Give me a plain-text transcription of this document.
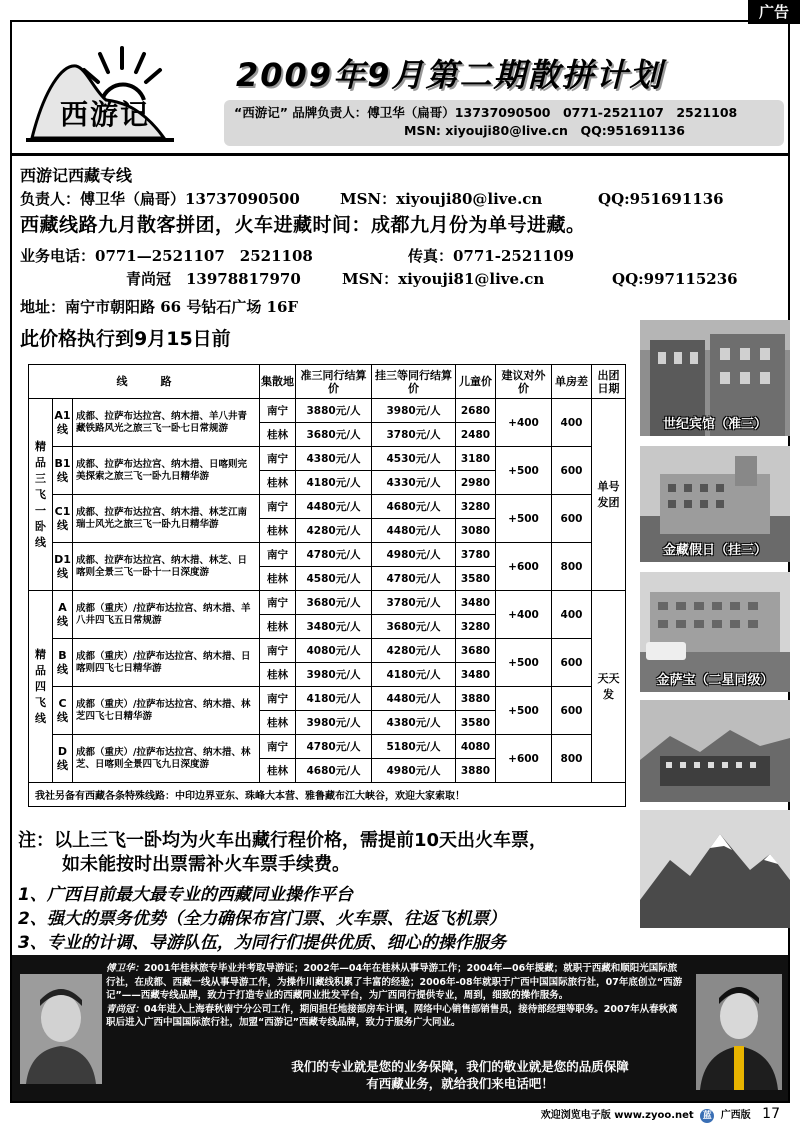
广告
西游记
2009年9月第二期散拼计划
“西游记” 品牌负责人：傅卫华（扁哥）13737090500　0771-2521107　2521108
MSN: xiyouji80@live.cn　QQ:951691136
西游记西藏专线
负责人：傅卫华（扁哥）13737090500	MSN：xiyouji80@live.cn	QQ:951691136
西藏线路九月散客拼团，火车进藏时间：成都九月份为单号进藏。
业务电话：0771—2521107　2521108	传真：0771-2521109
青尚冠　13978817970	MSN：xiyouji81@live.cn	QQ:997115236
地址：南宁市朝阳路 66 号钻石广场 16F
此价格执行到9月15日前
线　　　路			集散地	准三同行结算价	挂三等同行结算价	儿童价	建议对外价	单房差	出团日期
精品三飞一卧线	A1线	成都、拉萨布达拉宫、纳木措、羊八井青藏铁路风光之旅三飞一卧七日常规游	南宁	3880元/人	3980元/人	2680	+400	400	单号发团
			桂林	3680元/人	3780元/人	2480			
	B1线	成都、拉萨布达拉宫、纳木措、日喀则完美探索之旅三飞一卧九日精华游	南宁	4380元/人	4530元/人	3180	+500	600	
			桂林	4180元/人	4330元/人	2980			
	C1线	成都、拉萨布达拉宫、纳木措、林芝江南瑞士风光之旅三飞一卧九日精华游	南宁	4480元/人	4680元/人	3280	+500	600	
			桂林	4280元/人	4480元/人	3080			
	D1线	成都、拉萨布达拉宫、纳木措、林芝、日喀则全景三飞一卧十一日深度游	南宁	4780元/人	4980元/人	3780	+600	800	
			桂林	4580元/人	4780元/人	3580			
精品四飞线	A线	成都（重庆）/拉萨布达拉宫、纳木措、羊八井四飞五日常规游	南宁	3680元/人	3780元/人	3480	+400	400	天天发
			桂林	3480元/人	3680元/人	3280			
	B线	成都（重庆）/拉萨布达拉宫、纳木措、日喀则四飞七日精华游	南宁	4080元/人	4280元/人	3680	+500	600	
			桂林	3980元/人	4180元/人	3480			
	C线	成都（重庆）/拉萨布达拉宫、纳木措、林芝四飞七日精华游	南宁	4180元/人	4480元/人	3880	+500	600	
			桂林	3980元/人	4380元/人	3580			
	D线	成都（重庆）/拉萨布达拉宫、纳木措、林芝、日喀则全景四飞九日深度游	南宁	4780元/人	5180元/人	4080	+600	800	
			桂林	4680元/人	4980元/人	3880			
我社另备有西藏各条特殊线路：中印边界亚东、珠峰大本营、雅鲁藏布江大峡谷，欢迎大家索取！									
世纪宾馆（准三）
金藏假日（挂三）
金萨宝（二星同级）
注：以上三飞一卧均为火车出藏行程价格，需提前10天出火车票，
如未能按时出票需补火车票手续费。
1、广西目前最大最专业的西藏同业操作平台
2、强大的票务优势（全力确保布宫门票、火车票、往返飞机票）
3、专业的计调、导游队伍，为同行们提供优质、细心的操作服务
傅卫华：2001年桂林旅专毕业并考取导游证；2002年—04年在桂林从事导游工作；2004年—06年援藏；就职于西藏和顺阳光国际旅行社，在成都、西藏一线从事导游工作，为操作川藏线积累了丰富的经验；2006年-08年就职于广西中国国际旅行社，07年底创立“西游记”——西藏专线品牌，致力于打造专业的西藏同业批发平台，为广西同行提供专业，周到，细致的操作服务。
青尚冠：04年进入上海春秋南宁分公司工作，期间担任地接部房车计调，网络中心销售部销售员，接待部经理等职务。2007年从春秋离职后进入广西中国国际旅行社，加盟“西游记”西藏专线品牌，致力于服务广大同业。
我们的专业就是您的业务保障，我们的敬业就是您的品质保障
有西藏业务，就给我们来电话吧！
欢迎浏览电子版 www.zyoo.net 蓝 广西版 17
